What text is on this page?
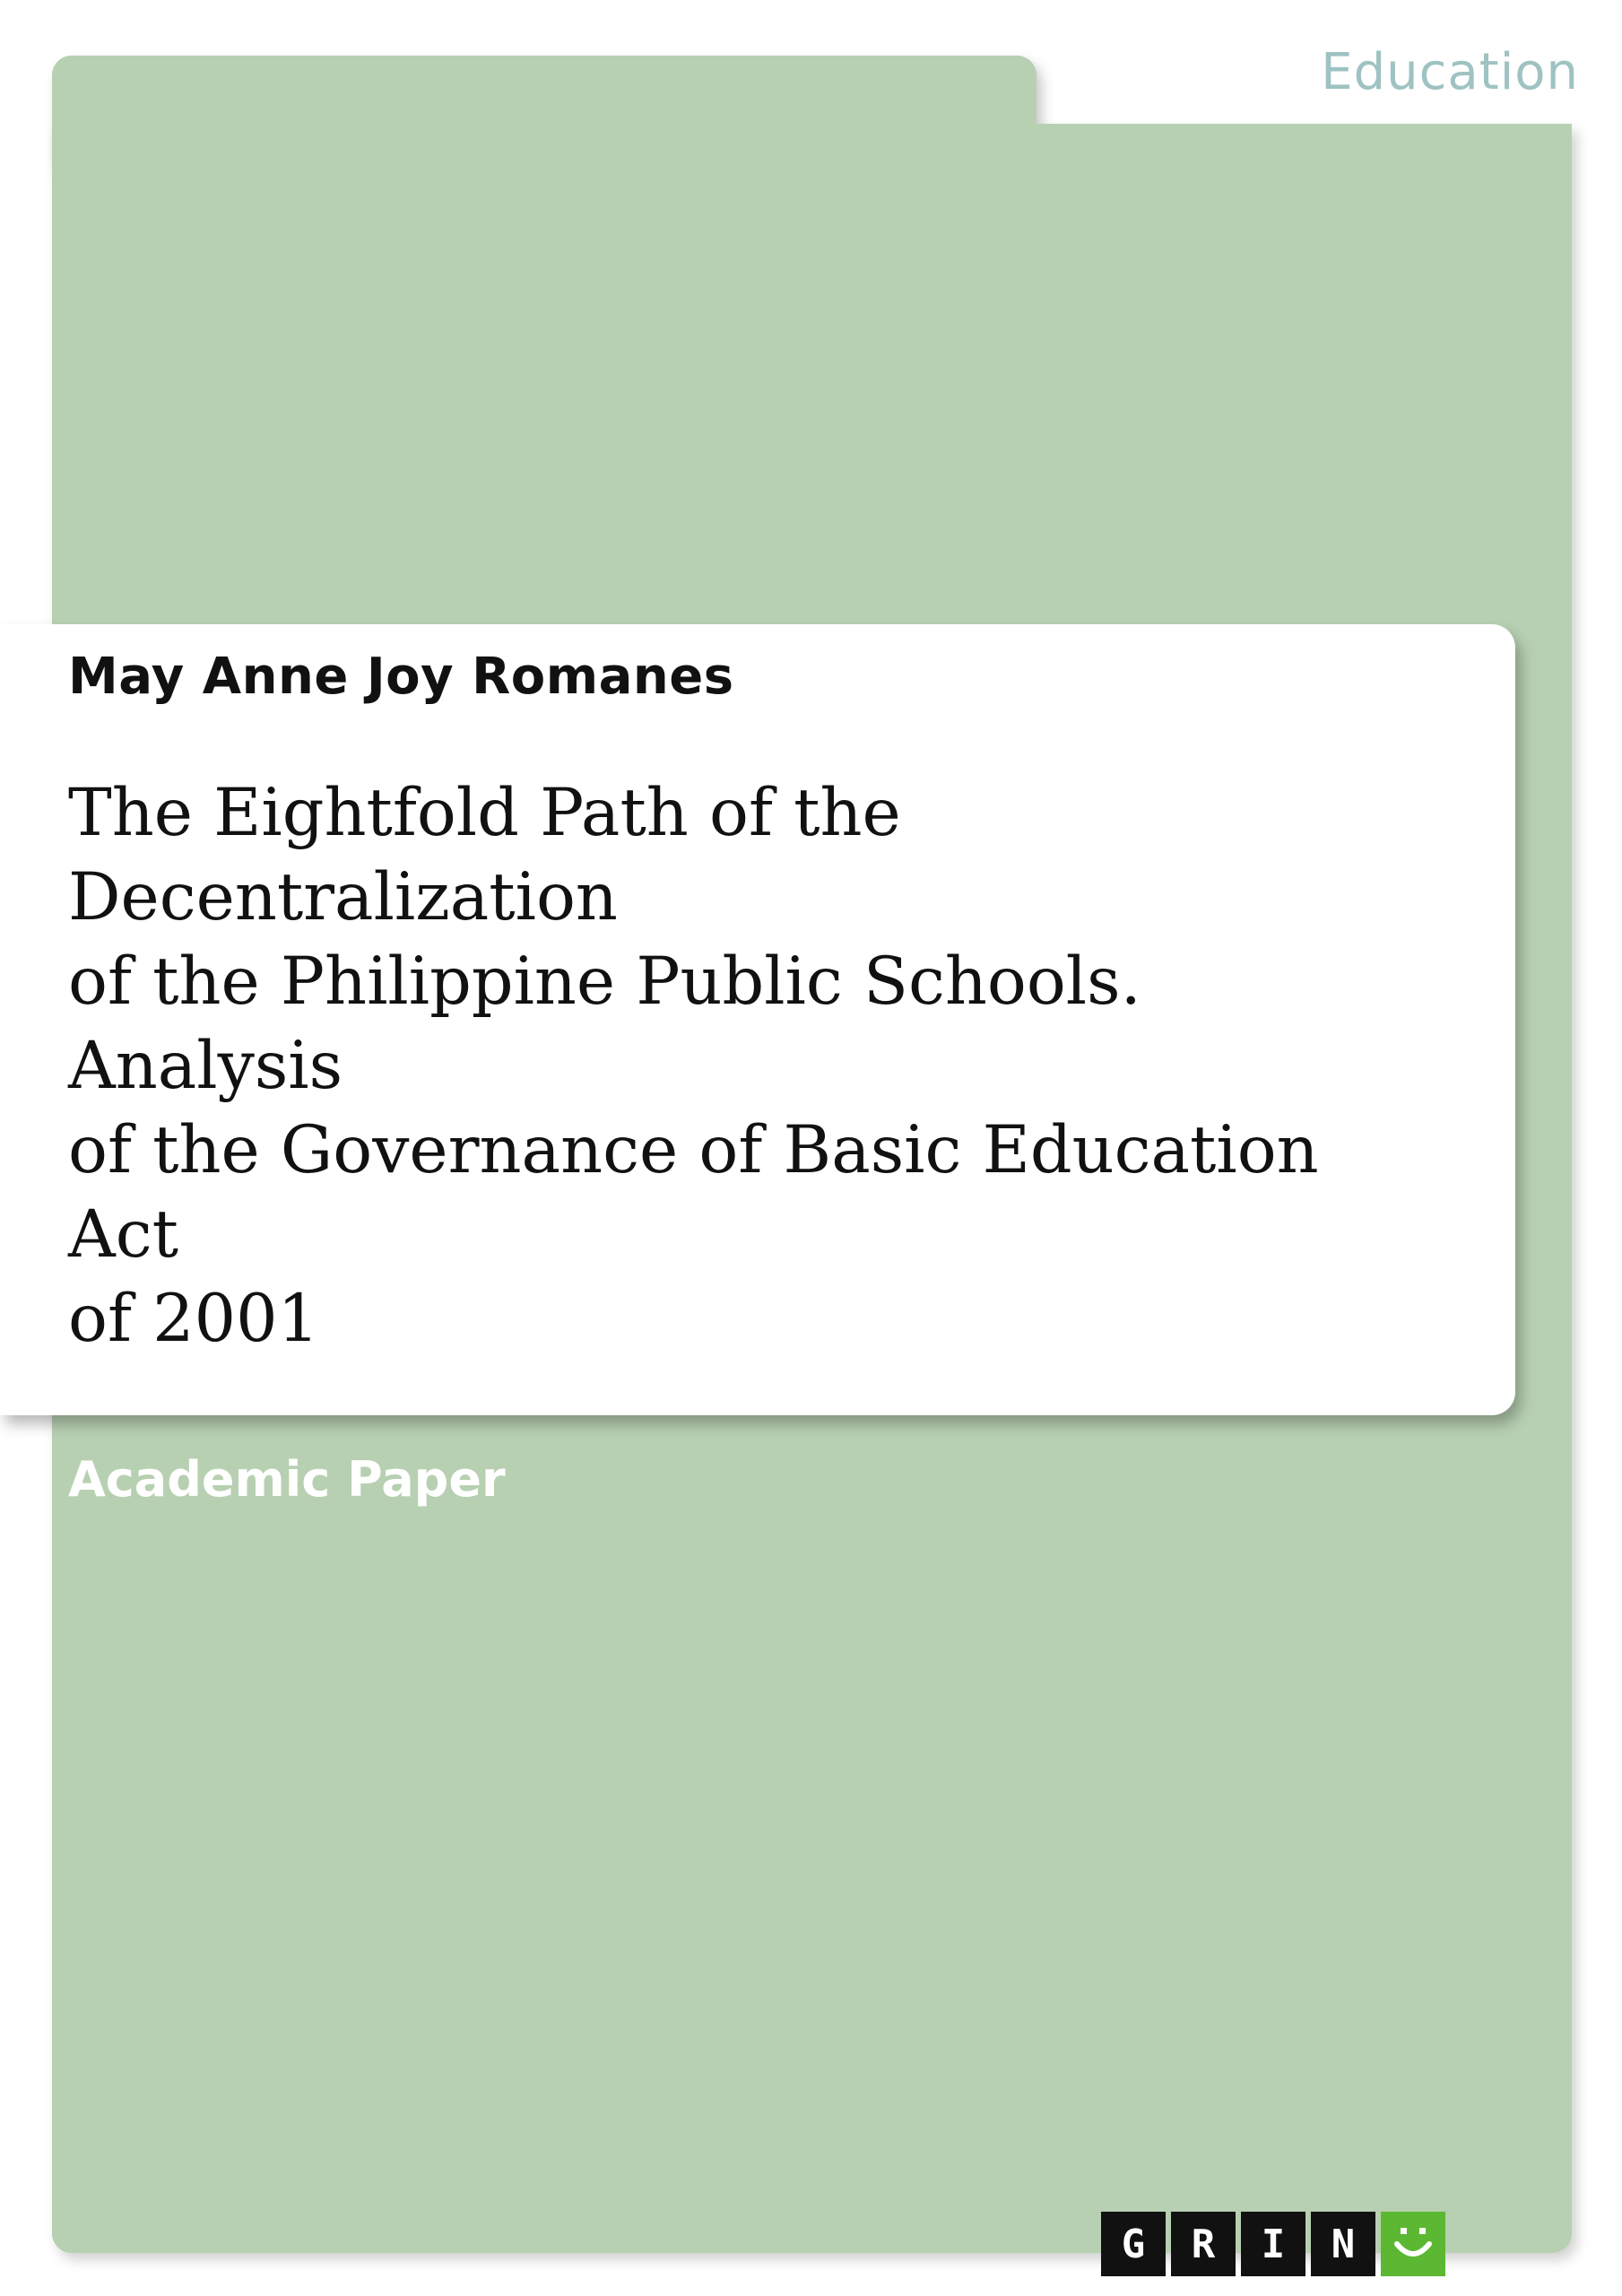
Education
May Anne Joy Romanes
The Eightfold Path of the Decentralization
of the Philippine Public Schools. Analysis
of the Governance of Basic Education Act
of 2001
Academic Paper
G	R	I	N
